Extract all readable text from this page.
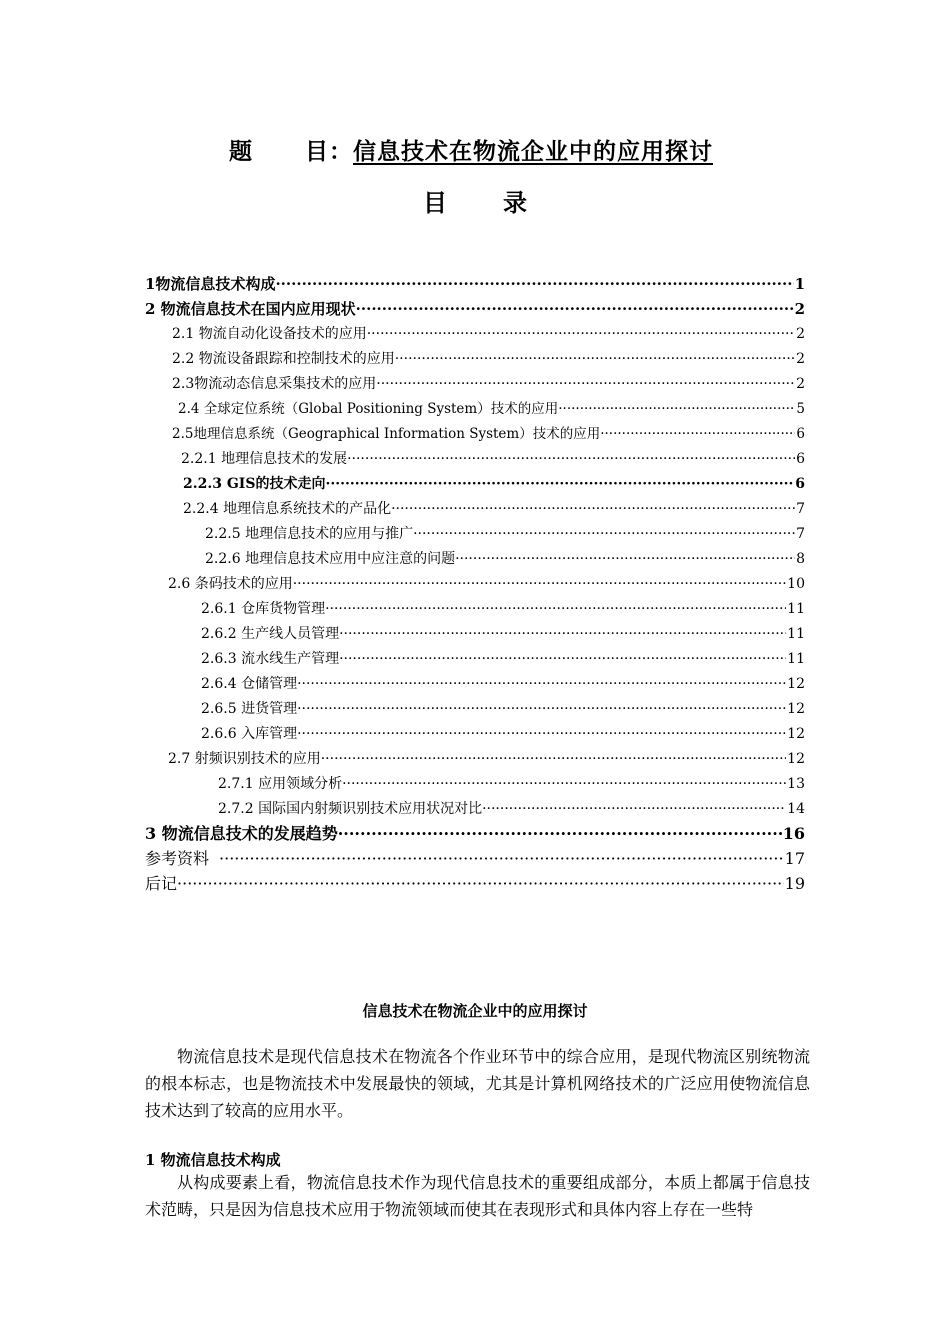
题 目：信息技术在物流企业中的应用探讨
目 录
1物流信息技术构成 ·····	1
2 物流信息技术在国内应用现状 ·····	2
2.1 物流自动化设备技术的应用 ·····	2
2.2 物流设备跟踪和控制技术的应用 ·····	2
2.3物流动态信息采集技术的应用 ·····	2
2.4 全球定位系统（Global Positioning System）技术的应用 ·····	5
2.5地理信息系统（Geographical Information System）技术的应用 ·····	6
2.2.1 地理信息技术的发展 ·····	6
2.2.3 GIS的技术走向 ·····	6
2.2.4 地理信息系统技术的产品化 ·····	7
2.2.5 地理信息技术的应用与推广 ·····	7
2.2.6 地理信息技术应用中应注意的问题 ·····	8
2.6 条码技术的应用 ·····	10
2.6.1 仓库货物管理 ·····	11
2.6.2 生产线人员管理 ·····	11
2.6.3 流水线生产管理 ·····	11
2.6.4 仓储管理 ·····	12
2.6.5 进货管理 ·····	12
2.6.6 入库管理 ·····	12
2.7 射频识别技术的应用 ·····	12
2.7.1 应用领域分析 ·····	13
2.7.2 国际国内射频识别技术应用状况对比 ·····	14
3 物流信息技术的发展趋势 ·····	16
参考资料 ·····	17
后记 ·····	19
信息技术在物流企业中的应用探讨
物流信息技术是现代信息技术在物流各个作业环节中的综合应用，是现代物流区别统物流的根本标志，也是物流技术中发展最快的领域，尤其是计算机网络技术的广泛应用使物流信息技术达到了较高的应用水平。
1 物流信息技术构成
从构成要素上看，物流信息技术作为现代信息技术的重要组成部分，本质上都属于信息技术范畴，只是因为信息技术应用于物流领域而使其在表现形式和具体内容上存在一些特
